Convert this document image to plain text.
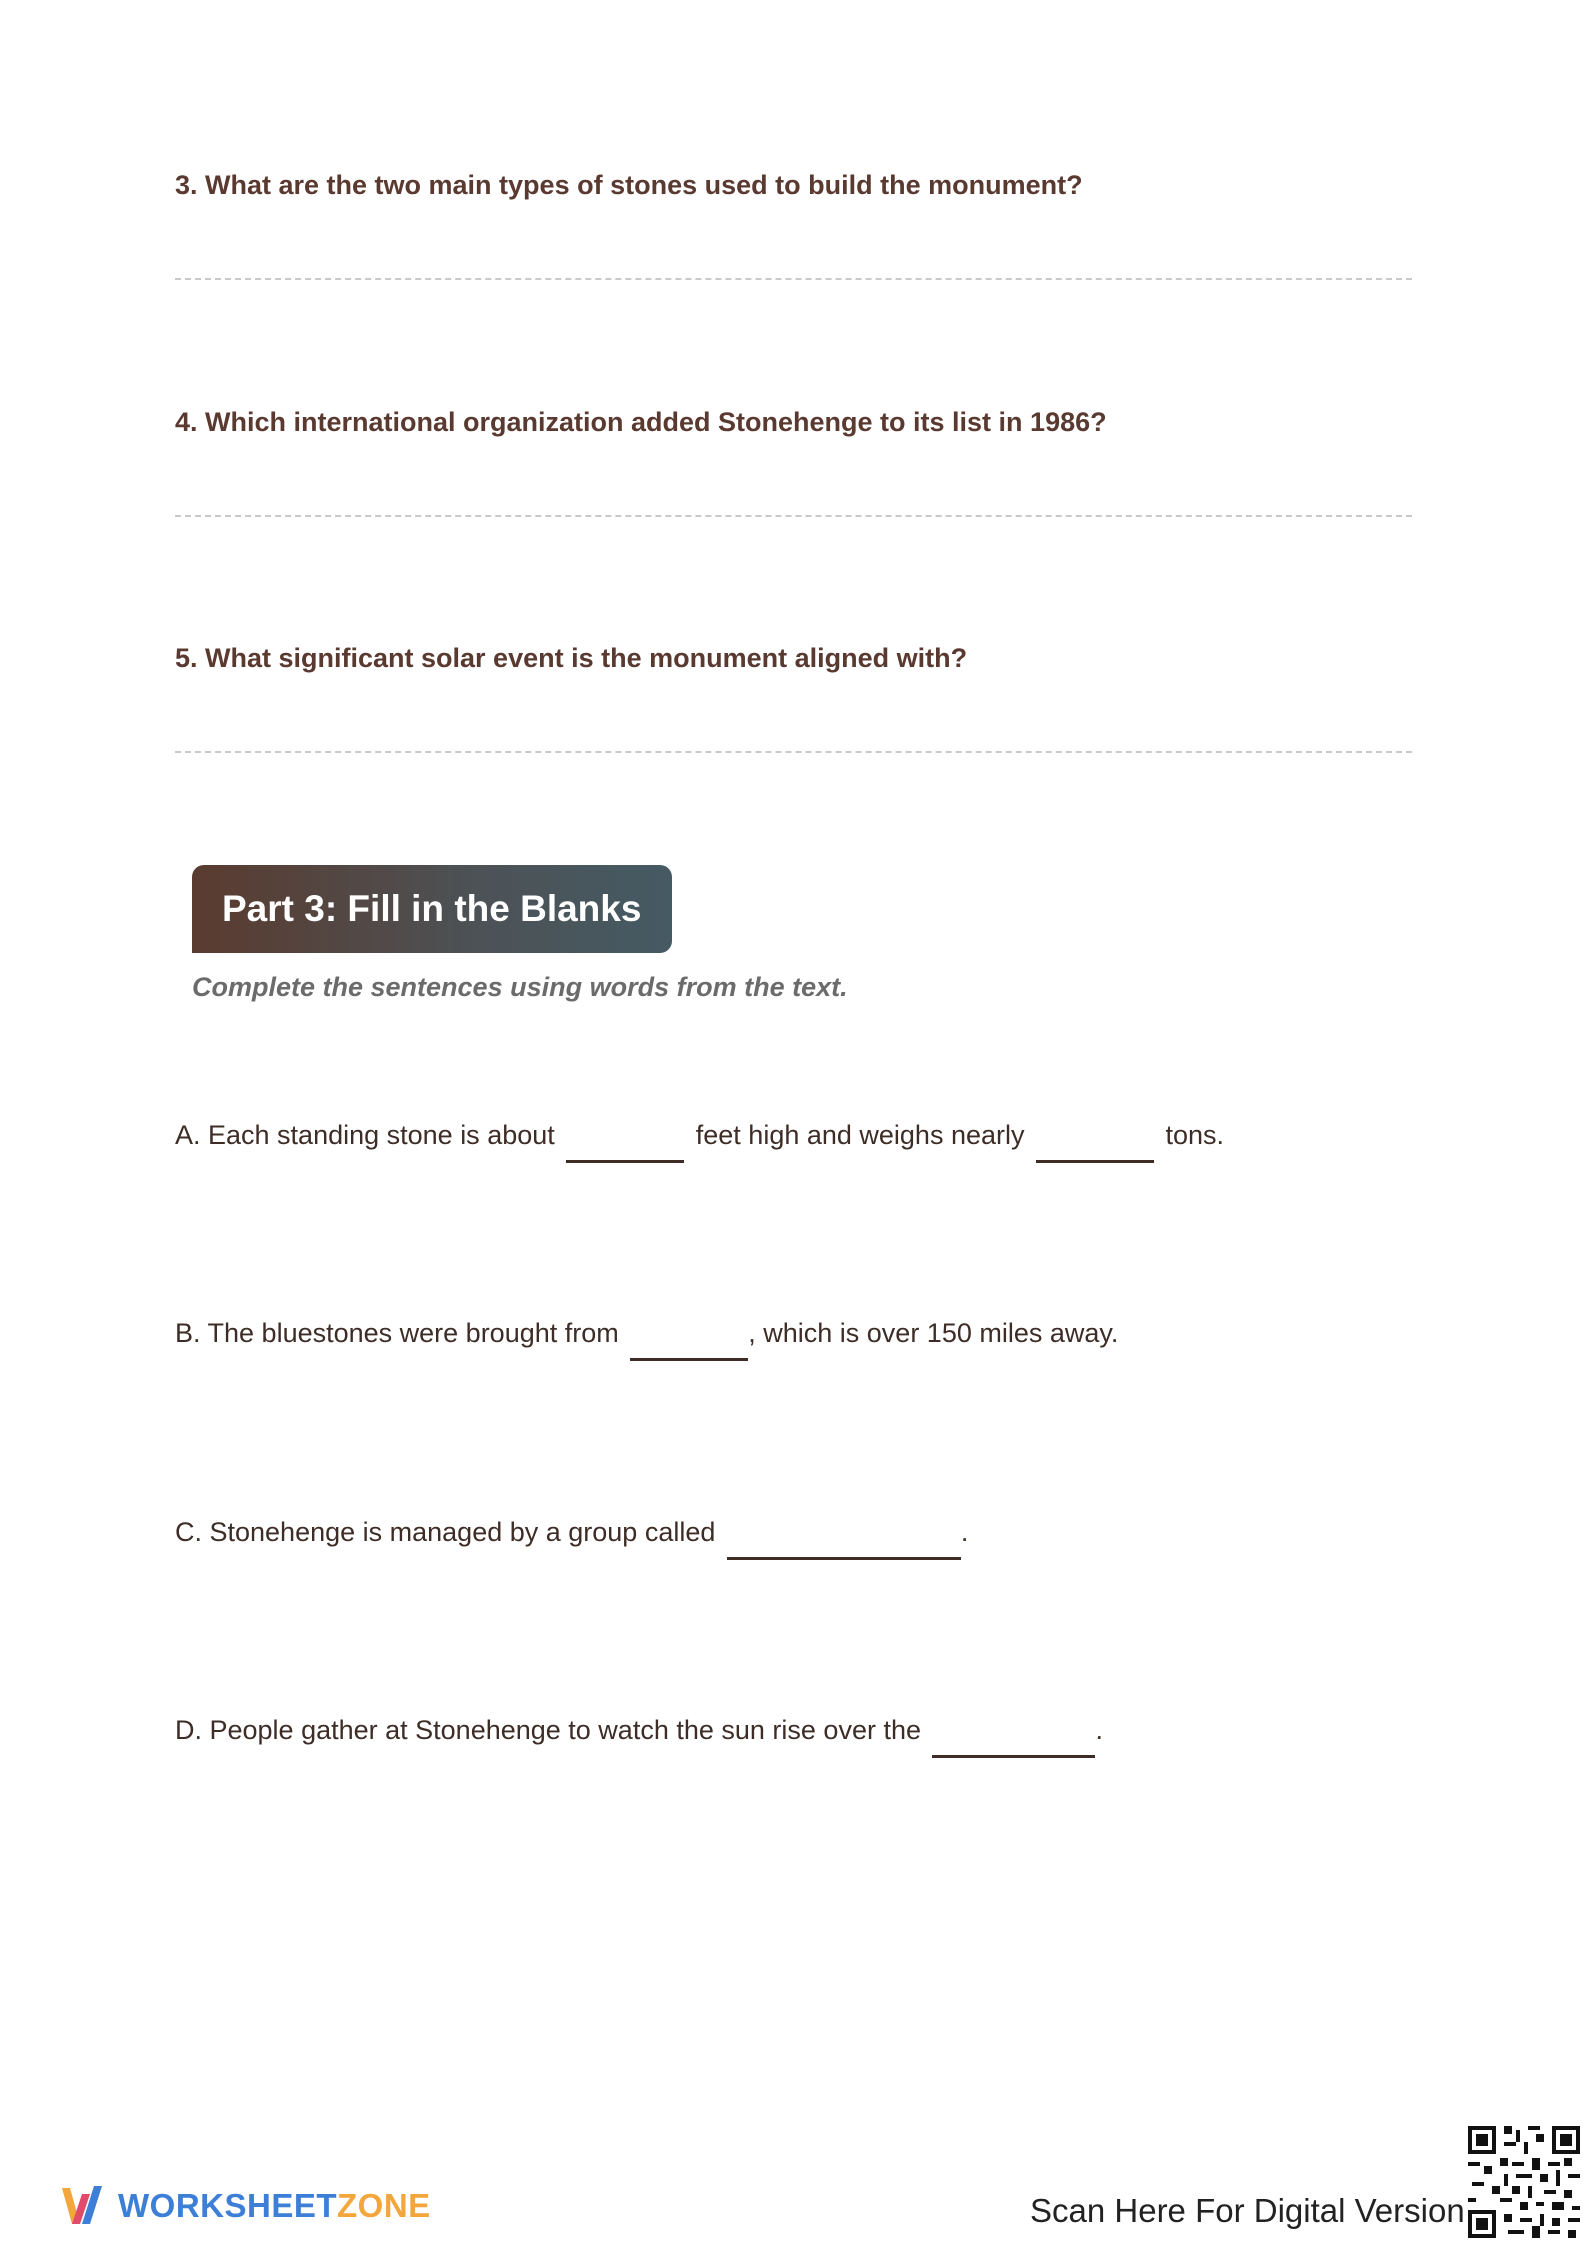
3. What are the two main types of stones used to build the monument?

4. Which international organization added Stonehenge to its list in 1986?

5. What significant solar event is the monument aligned with?

Part 3: Fill in the Blanks

Complete the sentences using words from the text.

A. Each standing stone is about	feet high and weighs nearly	tons.
B. The bluestones were brought from	, which is over 150 miles away.
C. Stonehenge is managed by a group called	.
D. People gather at Stonehenge to watch the sun rise over the	.
WORKSHEETZONE	Scan Here For Digital Version
